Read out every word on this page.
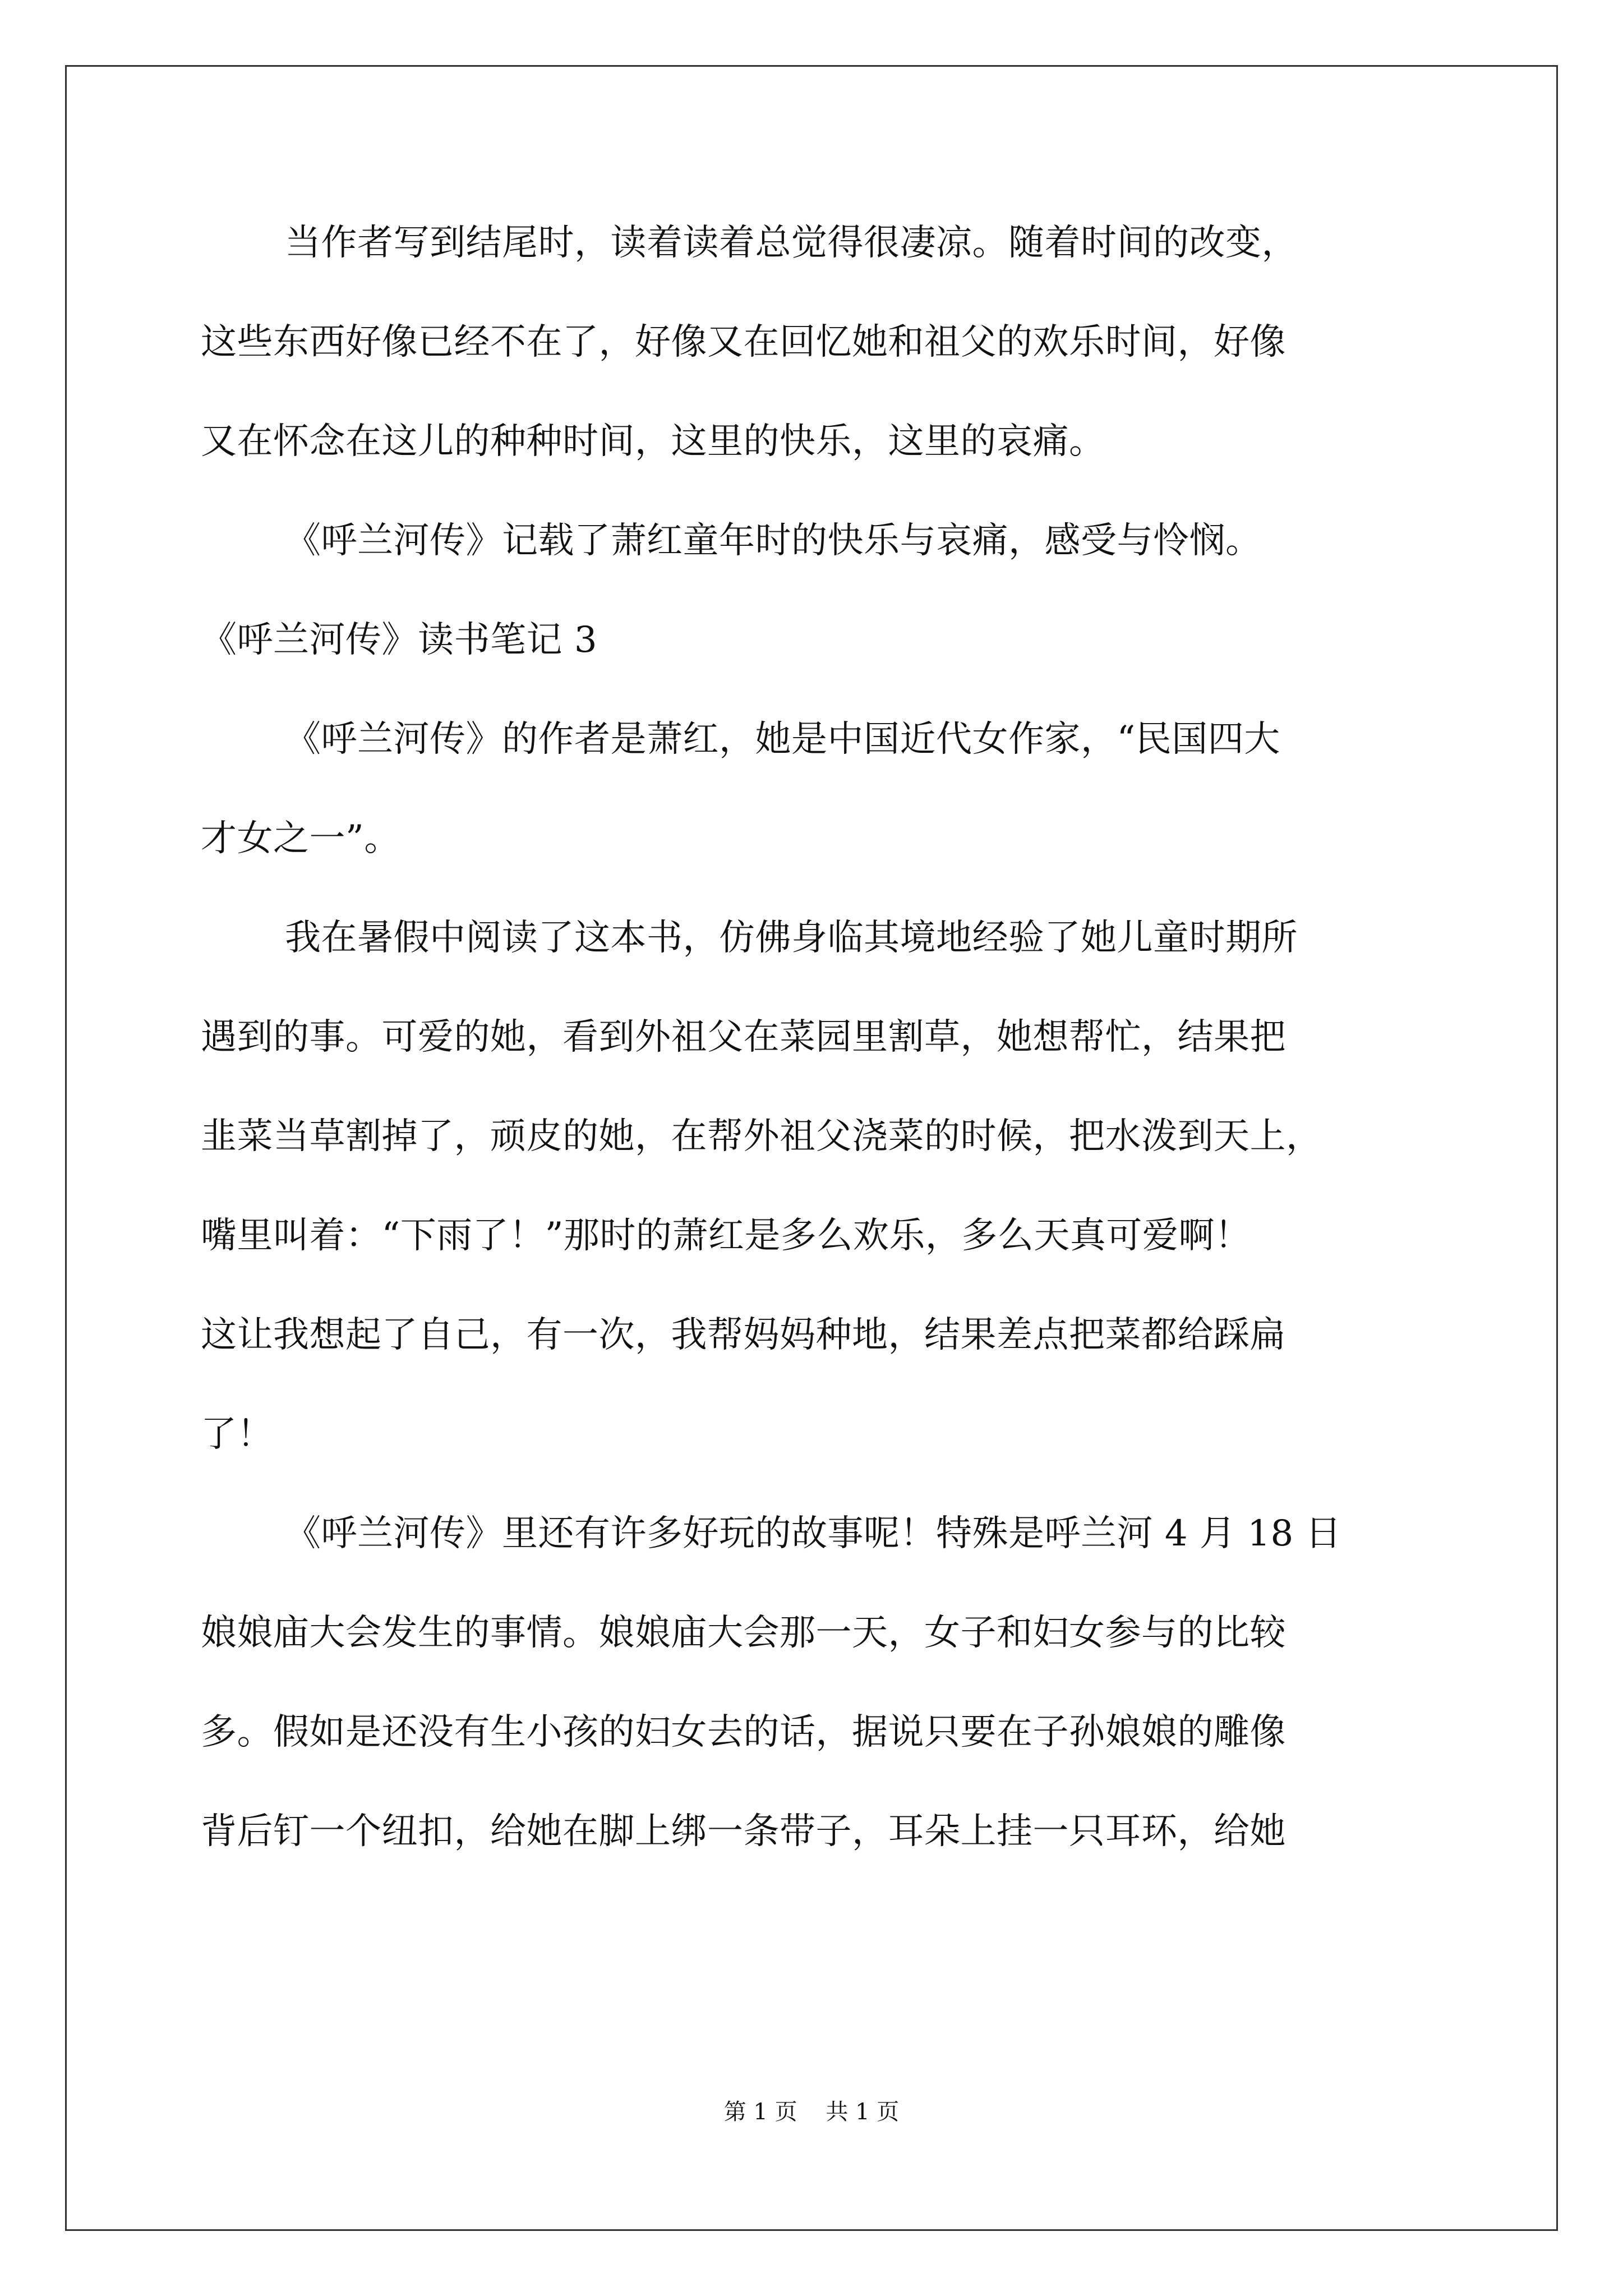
当作者写到结尾时，读着读着总觉得很凄凉。随着时间的改变，
这些东西好像已经不在了，好像又在回忆她和祖父的欢乐时间，好像
又在怀念在这儿的种种时间，这里的快乐，这里的哀痛。
《呼兰河传》记载了萧红童年时的快乐与哀痛，感受与怜悯。
《呼兰河传》读书笔记 3
《呼兰河传》的作者是萧红，她是中国近代女作家，“民国四大
才女之一”。
我在暑假中阅读了这本书，仿佛身临其境地经验了她儿童时期所
遇到的事。可爱的她，看到外祖父在菜园里割草，她想帮忙，结果把
韭菜当草割掉了，顽皮的她，在帮外祖父浇菜的时候，把水泼到天上，
嘴里叫着：“下雨了！”那时的萧红是多么欢乐，多么天真可爱啊！
这让我想起了自己，有一次，我帮妈妈种地，结果差点把菜都给踩扁
了！
《呼兰河传》里还有许多好玩的故事呢！特殊是呼兰河 4 月 18 日
娘娘庙大会发生的事情。娘娘庙大会那一天，女子和妇女参与的比较
多。假如是还没有生小孩的妇女去的话，据说只要在子孙娘娘的雕像
背后钉一个纽扣，给她在脚上绑一条带子，耳朵上挂一只耳环，给她
第 1 页    共 1 页
